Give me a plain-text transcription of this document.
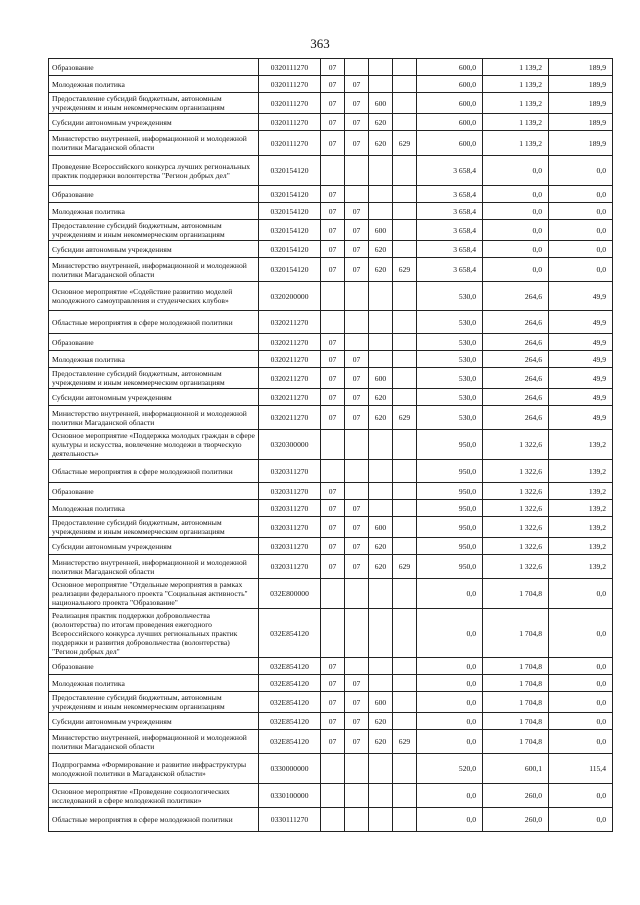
363
Образование	0320111270	07				600,0	1 139,2	189,9
Молодежная политика	0320111270	07	07			600,0	1 139,2	189,9
Предоставление субсидий бюджетным, автономным учреждениям и иным некоммерческим организациям	0320111270	07	07	600		600,0	1 139,2	189,9
Субсидии автономным учреждениям	0320111270	07	07	620		600,0	1 139,2	189,9
Министерство внутренней, информационной и молодежной политики Магаданской области	0320111270	07	07	620	629	600,0	1 139,2	189,9
Проведение Всероссийского конкурса лучших региональных практик поддержки волонтерства "Регион добрых дел"	0320154120					3 658,4	0,0	0,0
Образование	0320154120	07				3 658,4	0,0	0,0
Молодежная политика	0320154120	07	07			3 658,4	0,0	0,0
Предоставление субсидий бюджетным, автономным учреждениям и иным некоммерческим организациям	0320154120	07	07	600		3 658,4	0,0	0,0
Субсидии автономным учреждениям	0320154120	07	07	620		3 658,4	0,0	0,0
Министерство внутренней, информационной и молодежной политики Магаданской области	0320154120	07	07	620	629	3 658,4	0,0	0,0
Основное мероприятие «Содействие развитию моделей молодежного самоуправления и студенческих клубов»	0320200000					530,0	264,6	49,9
Областные мероприятия в сфере молодежной политики	0320211270					530,0	264,6	49,9
Образование	0320211270	07				530,0	264,6	49,9
Молодежная политика	0320211270	07	07			530,0	264,6	49,9
Предоставление субсидий бюджетным, автономным учреждениям и иным некоммерческим организациям	0320211270	07	07	600		530,0	264,6	49,9
Субсидии автономным учреждениям	0320211270	07	07	620		530,0	264,6	49,9
Министерство внутренней, информационной и молодежной политики Магаданской области	0320211270	07	07	620	629	530,0	264,6	49,9
Основное мероприятие «Поддержка молодых граждан в сфере культуры и искусства, вовлечение молодежи в творческую деятельность»	0320300000					950,0	1 322,6	139,2
Областные мероприятия в сфере молодежной политики	0320311270					950,0	1 322,6	139,2
Образование	0320311270	07				950,0	1 322,6	139,2
Молодежная политика	0320311270	07	07			950,0	1 322,6	139,2
Предоставление субсидий бюджетным, автономным учреждениям и иным некоммерческим организациям	0320311270	07	07	600		950,0	1 322,6	139,2
Субсидии автономным учреждениям	0320311270	07	07	620		950,0	1 322,6	139,2
Министерство внутренней, информационной и молодежной политики Магаданской области	0320311270	07	07	620	629	950,0	1 322,6	139,2
Основное мероприятие "Отдельные мероприятия в рамках реализации федерального проекта "Социальная активность" национального проекта "Образование"	032E800000					0,0	1 704,8	0,0
Реализация практик поддержки добровольчества (волонтерства) по итогам проведения ежегодного Всероссийского конкурса лучших региональных практик поддержки и развития добровольчества (волонтерства) "Регион добрых дел"	032E854120					0,0	1 704,8	0,0
Образование	032E854120	07				0,0	1 704,8	0,0
Молодежная политика	032E854120	07	07			0,0	1 704,8	0,0
Предоставление субсидий бюджетным, автономным учреждениям и иным некоммерческим организациям	032E854120	07	07	600		0,0	1 704,8	0,0
Субсидии автономным учреждениям	032E854120	07	07	620		0,0	1 704,8	0,0
Министерство внутренней, информационной и молодежной политики Магаданской области	032E854120	07	07	620	629	0,0	1 704,8	0,0
Подпрограмма «Формирование и развитие инфраструктуры молодежной политики в Магаданской области»	0330000000					520,0	600,1	115,4
Основное мероприятие «Проведение социологических исследований в сфере молодежной политики»	0330100000					0,0	260,0	0,0
Областные мероприятия в сфере молодежной политики	0330111270					0,0	260,0	0,0
